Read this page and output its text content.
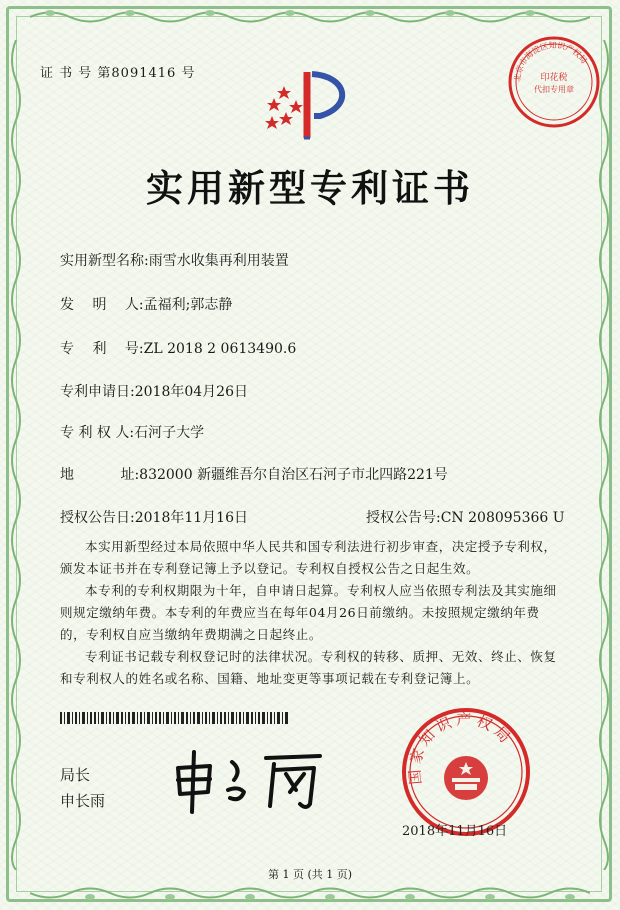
证 书 号 第8091416 号	北京市海淀区知识产权局
印花税
代扣专用章
实用新型专利证书
实用新型名称:雨雪水收集再利用装置
发　 明　 人:孟福利;郭志静
专　 利　 号:ZL 2018 2 0613490.6
专利申请日:2018年04月26日
专 利 权 人:石河子大学
地　　　 址:832000 新疆维吾尔自治区石河子市北四路221号
授权公告日:2018年11月16日	授权公告号:CN 208095366 U
本实用新型经过本局依照中华人民共和国专利法进行初步审查，决定授予专利权，颁发本证书并在专利登记簿上予以登记。专利权自授权公告之日起生效。
本专利的专利权期限为十年，自申请日起算。专利权人应当依照专利法及其实施细则规定缴纳年费。本专利的年费应当在每年04月26日前缴纳。未按照规定缴纳年费的，专利权自应当缴纳年费期满之日起终止。
专利证书记载专利权登记时的法律状况。专利权的转移、质押、无效、终止、恢复和专利权人的姓名或名称、国籍、地址变更等事项记载在专利登记簿上。
局长
申长雨
国家知识产权局
2018年11月16日
第 1 页 (共 1 页)
